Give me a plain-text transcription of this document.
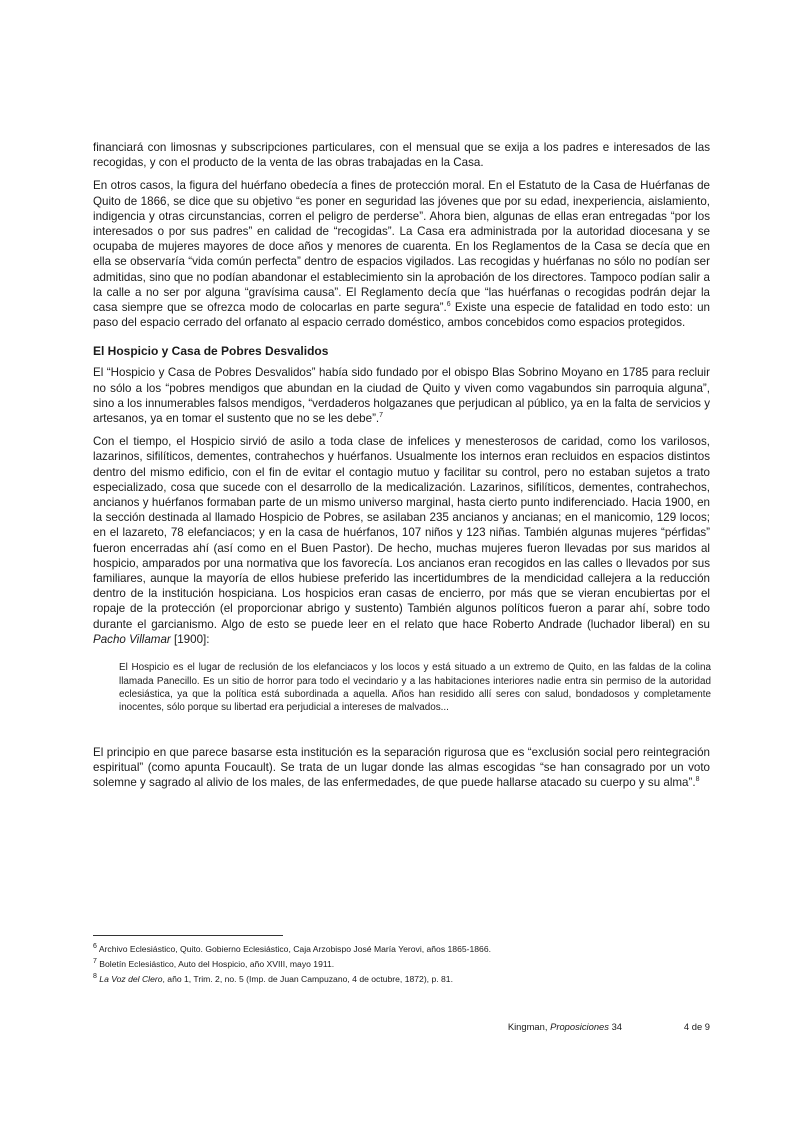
financiará con limosnas y subscripciones particulares, con el mensual que se exija a los padres e interesados de las recogidas, y con el producto de la venta de las obras trabajadas en la Casa.

En otros casos, la figura del huérfano obedecía a fines de protección moral. En el Estatuto de la Casa de Huérfanas de Quito de 1866, se dice que su objetivo “es poner en seguridad las jóvenes que por su edad, inexperiencia, aislamiento, indigencia y otras circunstancias, corren el peligro de perderse”. Ahora bien, algunas de ellas eran entregadas “por los interesados o por sus padres” en calidad de “recogidas”. La Casa era administrada por la autoridad diocesana y se ocupaba de mujeres mayores de doce años y menores de cuarenta. En los Reglamentos de la Casa se decía que en ella se observaría “vida común perfecta” dentro de espacios vigilados. Las recogidas y huérfanas no sólo no podían ser admitidas, sino que no podían abandonar el establecimiento sin la aprobación de los directores. Tampoco podían salir a la calle a no ser por alguna “gravísima causa”. El Reglamento decía que “las huérfanas o recogidas podrán dejar la casa siempre que se ofrezca modo de colocarlas en parte segura”.$^6$ Existe una especie de fatalidad en todo esto: un paso del espacio cerrado del orfanato al espacio cerrado doméstico, ambos concebidos como espacios protegidos.

El Hospicio y Casa de Pobres Desvalidos

El “Hospicio y Casa de Pobres Desvalidos” había sido fundado por el obispo Blas Sobrino Moyano en 1785 para recluir no sólo a los “pobres mendigos que abundan en la ciudad de Quito y viven como vagabundos sin parroquia alguna”, sino a los innumerables falsos mendigos, “verdaderos holgazanes que perjudican al público, ya en la falta de servicios y artesanos, ya en tomar el sustento que no se les debe”.$^7$

Con el tiempo, el Hospicio sirvió de asilo a toda clase de infelices y menesterosos de caridad, como los varilosos, lazarinos, sifilíticos, dementes, contrahechos y huérfanos. Usualmente los internos eran recluidos en espacios distintos dentro del mismo edificio, con el fin de evitar el contagio mutuo y facilitar su control, pero no estaban sujetos a trato especializado, cosa que sucede con el desarrollo de la medicalización. Lazarinos, sifilíticos, dementes, contrahechos, ancianos y huérfanos formaban parte de un mismo universo marginal, hasta cierto punto indiferenciado. Hacia 1900, en la sección destinada al llamado Hospicio de Pobres, se asilaban 235 ancianos y ancianas; en el manicomio, 129 locos; en el lazareto, 78 elefanciacos; y en la casa de huérfanos, 107 niños y 123 niñas. También algunas mujeres “pérfidas” fueron encerradas ahí (así como en el Buen Pastor). De hecho, muchas mujeres fueron llevadas por sus maridos al hospicio, amparados por una normativa que los favorecía. Los ancianos eran recogidos en las calles o llevados por sus familiares, aunque la mayoría de ellos hubiese preferido las incertidumbres de la mendicidad callejera a la reducción dentro de la institución hospiciana. Los hospicios eran casas de encierro, por más que se vieran encubiertas por el ropaje de la protección (el proporcionar abrigo y sustento) También algunos políticos fueron a parar ahí, sobre todo durante el garcianismo. Algo de esto se puede leer en el relato que hace Roberto Andrade (luchador liberal) en su Pacho Villamar [1900]:

El Hospicio es el lugar de reclusión de los elefanciacos y los locos y está situado a un extremo de Quito, en las faldas de la colina llamada Panecillo. Es un sitio de horror para todo el vecindario y a las habitaciones interiores nadie entra sin permiso de la autoridad eclesiástica, ya que la política está subordinada a aquella. Años han residido allí seres con salud, bondadosos y completamente inocentes, sólo porque su libertad era perjudicial a intereses de malvados...

El principio en que parece basarse esta institución es la separación rigurosa que es “exclusión social pero reintegración espiritual” (como apunta Foucault). Se trata de un lugar donde las almas escogidas “se han consagrado por un voto solemne y sagrado al alivio de los males, de las enfermedades, de que puede hallarse atacado su cuerpo y su alma”.$^8$

$^6$ Archivo Eclesiástico, Quito. Gobierno Eclesiástico, Caja Arzobispo José María Yerovi, años 1865-1866.

$^7$ Boletín Eclesiástico, Auto del Hospicio, año XVIII, mayo 1911.

$^8$ La Voz del Clero, año 1, Trim. 2, no. 5 (Imp. de Juan Campuzano, 4 de octubre, 1872), p. 81.

Kingman, Proposiciones 34	4 de 9
